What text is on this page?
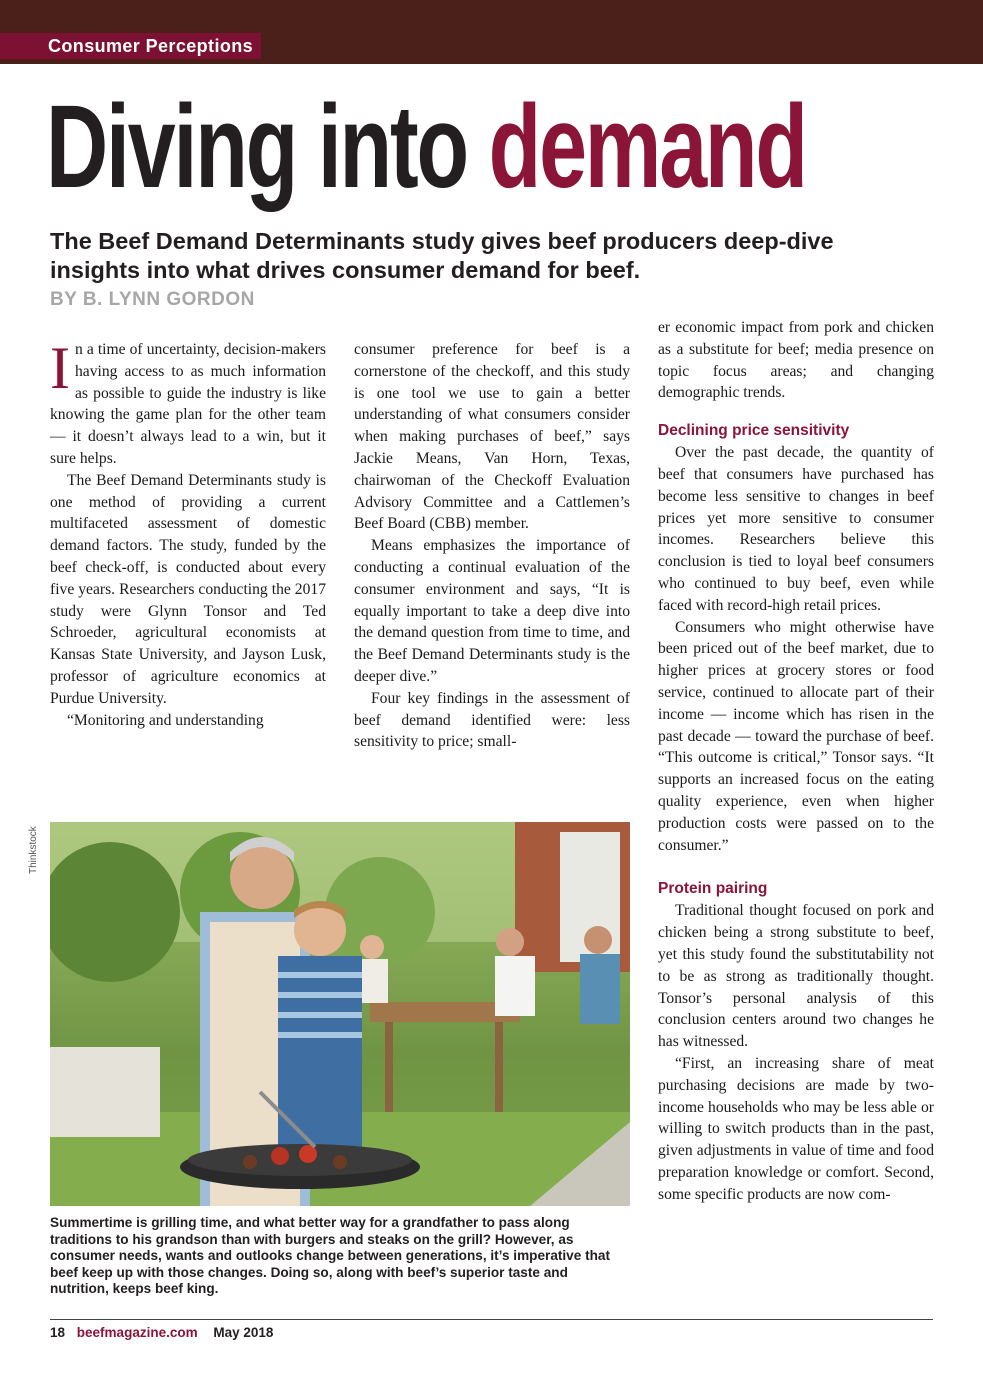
Consumer Perceptions
Diving into demand

The Beef Demand Determinants study gives beef producers deep-dive insights into what drives consumer demand for beef.

BY B. LYNN GORDON

In a time of uncertainty, decision-makers having access to as much information as possible to guide the industry is like knowing the game plan for the other team — it doesn’t always lead to a win, but it sure helps.

The Beef Demand Determinants study is one method of providing a current multifaceted assessment of domestic demand factors. The study, funded by the beef check-off, is conducted about every five years. Researchers conducting the 2017 study were Glynn Tonsor and Ted Schroeder, agricultural economists at Kansas State University, and Jayson Lusk, professor of agriculture economics at Purdue University.

“Monitoring and understanding

consumer preference for beef is a cornerstone of the checkoff, and this study is one tool we use to gain a better understanding of what consumers consider when making purchases of beef,” says Jackie Means, Van Horn, Texas, chairwoman of the Checkoff Evaluation Advisory Committee and a Cattlemen’s Beef Board (CBB) member.

Means emphasizes the importance of conducting a continual evaluation of the consumer environment and says, “It is equally important to take a deep dive into the demand question from time to time, and the Beef Demand Determinants study is the deeper dive.”

Four key findings in the assessment of beef demand identified were: less sensitivity to price; small-

er economic impact from pork and chicken as a substitute for beef; media presence on topic focus areas; and changing demographic trends.

Declining price sensitivity

Over the past decade, the quantity of beef that consumers have purchased has become less sensitive to changes in beef prices yet more sensitive to consumer incomes. Researchers believe this conclusion is tied to loyal beef consumers who continued to buy beef, even while faced with record-high retail prices.

Consumers who might otherwise have been priced out of the beef market, due to higher prices at grocery stores or food service, continued to allocate part of their income — income which has risen in the past decade — toward the purchase of beef. “This outcome is critical,” Tonsor says. “It supports an increased focus on the eating quality experience, even when higher production costs were passed on to the consumer.”

Protein pairing

Traditional thought focused on pork and chicken being a strong substitute to beef, yet this study found the substitutability not to be as strong as traditionally thought. Tonsor’s personal analysis of this conclusion centers around two changes he has witnessed.

“First, an increasing share of meat purchasing decisions are made by two-income households who may be less able or willing to switch products than in the past, given adjustments in value of time and food preparation knowledge or comfort. Second, some specific products are now com-

Thinkstock

Summertime is grilling time, and what better way for a grandfather to pass along traditions to his grandson than with burgers and steaks on the grill? However, as consumer needs, wants and outlooks change between generations, it’s imperative that beef keep up with those changes. Doing so, along with beef’s superior taste and nutrition, keeps beef king.

18 beefmagazine.com May 2018
